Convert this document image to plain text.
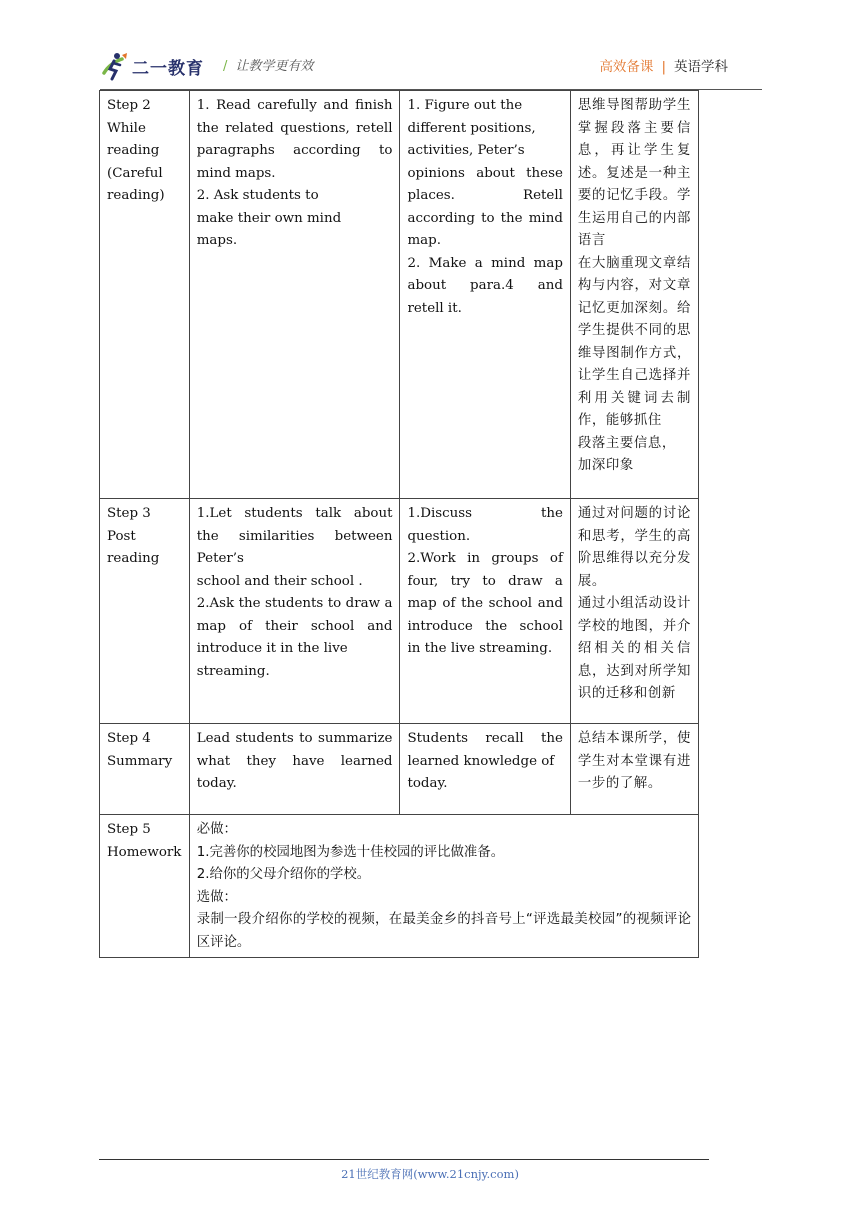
二一教育 / 让教学更有效	高效备课 | 英语学科
Step 2
While
reading
(Careful
reading)	1. Read carefully and finish the related questions, retell paragraphs according to mind maps.
2. Ask students to
make their own mind
maps.	1. Figure out the
different positions,
activities, Peter’s
opinions about these places. Retell according to the mind map.
2. Make a mind map about para.4 and retell it.	思维导图帮助学生掌握段落主要信息，再让学生复述。复述是一种主要的记忆手段。学生运用自己的内部语言
在大脑重现文章结构与内容，对文章记忆更加深刻。给学生提供不同的思维导图制作方式，让学生自己选择并利用关键词去制作，能够抓住
段落主要信息，
加深印象

Step 3
Post
reading	1.Let students talk about the similarities between Peter’s
school and their school .
2.Ask the students to draw a map of their school and introduce it in the live
streaming.	1.Discuss the question.
2.Work in groups of four, try to draw a map of the school and introduce the school in the live streaming.	通过对问题的讨论和思考，学生的高阶思维得以充分发展。
通过小组活动设计学校的地图，并介绍相关的相关信息，达到对所学知识的迁移和创新

Step 4
Summary	Lead students to summarize what they have learned today.	Students recall the learned knowledge of
today.	总结本课所学，使学生对本堂课有进一步的了解。

Step 5
Homework	必做：
1.完善你的校园地图为参选十佳校园的评比做准备。
2.给你的父母介绍你的学校。
选做：
录制一段介绍你的学校的视频，在最美金乡的抖音号上“评选最美校园”的视频评论区评论。		
21世纪教育网(www.21cnjy.com)
